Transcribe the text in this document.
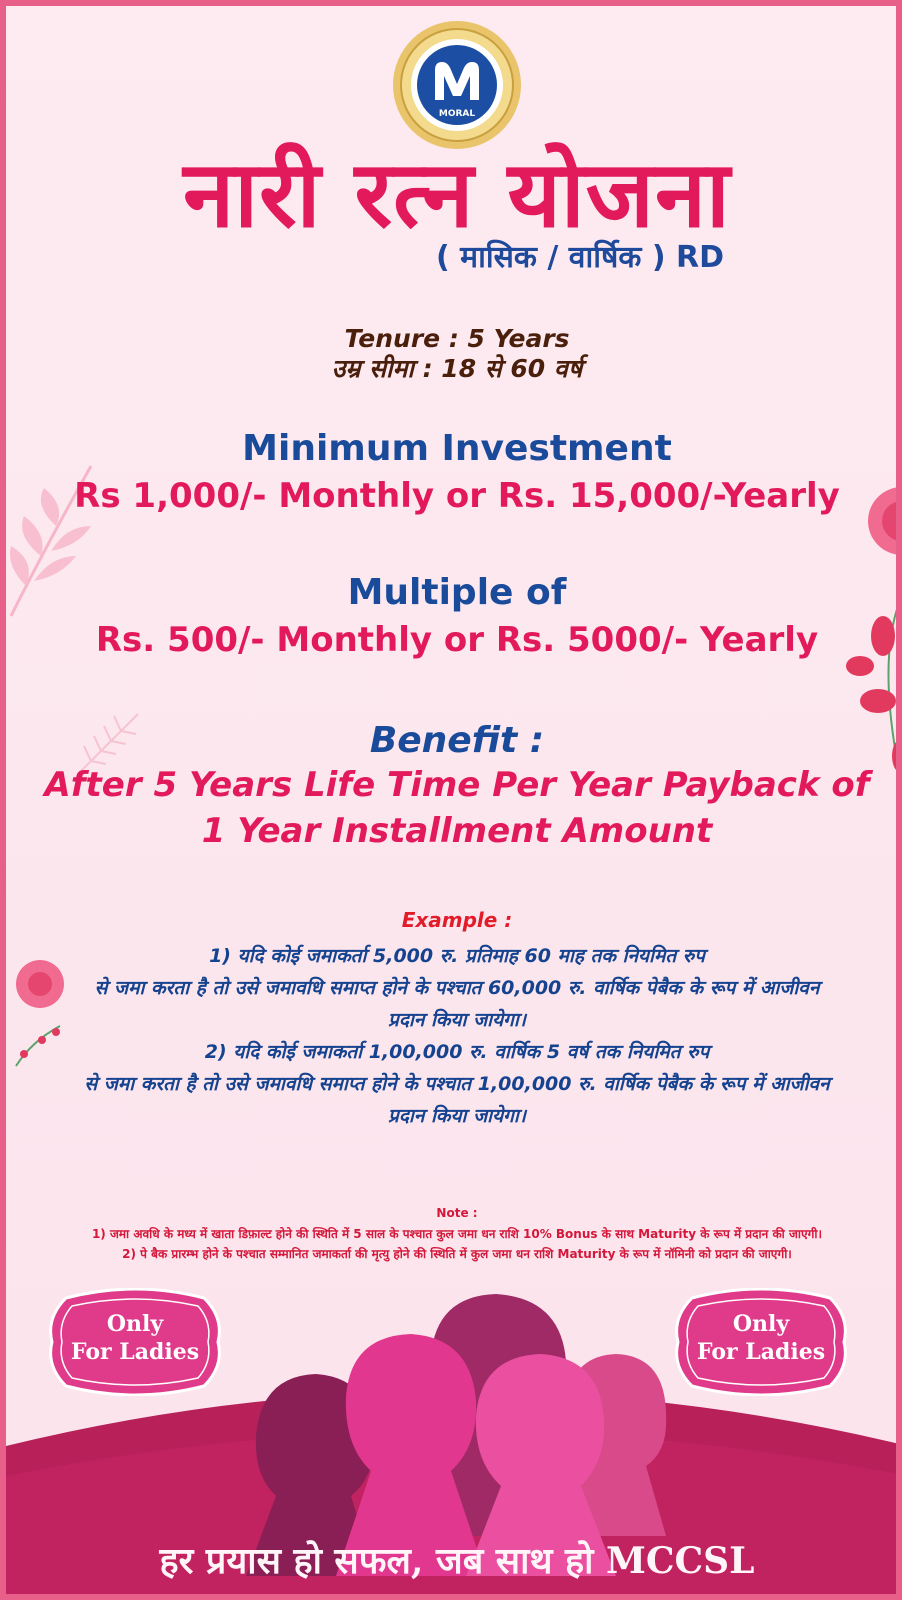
MORAL
नारी रत्न योजना
( मासिक / वार्षिक ) RD
Tenure : 5 Years
उम्र सीमा : 18 से 60 वर्ष
Minimum Investment
Rs 1,000/- Monthly or Rs. 15,000/-Yearly
Multiple of
Rs. 500/- Monthly or Rs. 5000/- Yearly
Benefit :
After 5 Years Life Time Per Year Payback of
1 Year Installment Amount
Example :
1) यदि कोई जमाकर्ता 5,000 रु. प्रतिमाह 60 माह तक नियमित रुप
से जमा करता है तो उसे जमावधि समाप्त होने के पश्चात 60,000 रु. वार्षिक पेबैक के रूप में आजीवन
प्रदान किया जायेगा।
2) यदि कोई जमाकर्ता 1,00,000 रु. वार्षिक 5 वर्ष तक नियमित रुप
से जमा करता है तो उसे जमावधि समाप्त होने के पश्चात 1,00,000 रु. वार्षिक पेबैक के रूप में आजीवन
प्रदान किया जायेगा।
Note :
1) जमा अवधि के मध्य में खाता डिफ़ाल्ट होने की स्थिति में 5 साल के पश्चात कुल जमा धन राशि 10% Bonus के साथ Maturity के रूप में प्रदान की जाएगी।
2) पे बैक प्रारम्भ होने के पश्चात सम्मानित जमाकर्ता की मृत्यु होने की स्थिति में कुल जमा धन राशि Maturity के रूप में नॉमिनी को प्रदान की जाएगी।
Only
For Ladies
Only
For Ladies
हर प्रयास हो सफल, जब साथ हो MCCSL
